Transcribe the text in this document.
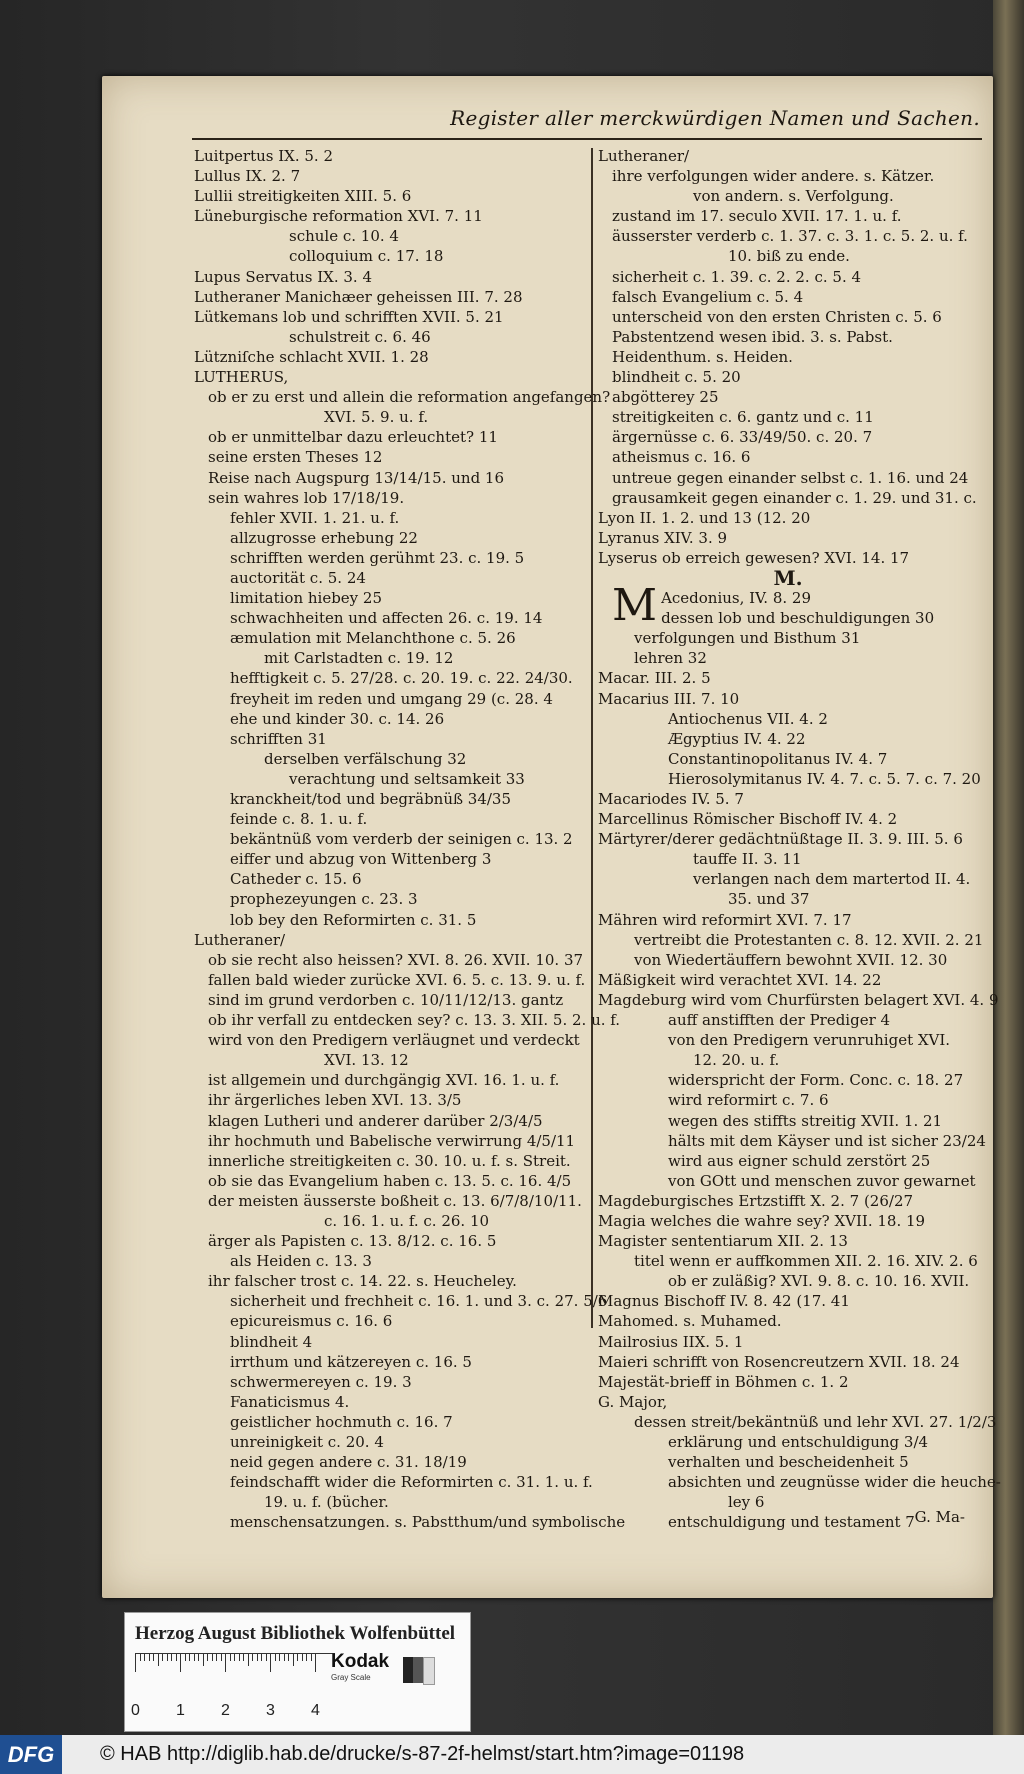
Register aller merckwürdigen Namen und Sachen.
Luitpertus IX. 5. 2
Lullus IX. 2. 7
Lullii streitigkeiten XIII. 5. 6
Lüneburgische reformation XVI. 7. 11
schule c. 10. 4
colloquium c. 17. 18
Lupus Servatus IX. 3. 4
Lutheraner Manichæer geheissen III. 7. 28
Lütkemans lob und schrifften XVII. 5. 21
schulstreit c. 6. 46
Lützniſche schlacht XVII. 1. 28
LUTHERUS,
ob er zu erst und allein die reformation angefangen?
XVI. 5. 9. u. f.
ob er unmittelbar dazu erleuchtet? 11
seine ersten Theses 12
Reise nach Augspurg 13/14/15. und 16
sein wahres lob 17/18/19.
fehler XVII. 1. 21. u. f.
allzugrosse erhebung 22
schrifften werden gerühmt 23. c. 19. 5
auctorität c. 5. 24
limitation hiebey 25
schwachheiten und affecten 26. c. 19. 14
æmulation mit Melanchthone c. 5. 26
mit Carlstadten c. 19. 12
hefftigkeit c. 5. 27/28. c. 20. 19. c. 22. 24/30.
freyheit im reden und umgang 29 (c. 28. 4
ehe und kinder 30. c. 14. 26
schrifften 31
derselben verfälschung 32
verachtung und seltsamkeit 33
kranckheit/tod und begräbnüß 34/35
feinde c. 8. 1. u. f.
bekäntnüß vom verderb der seinigen c. 13. 2
eiffer und abzug von Wittenberg 3
Catheder c. 15. 6
prophezeyungen c. 23. 3
lob bey den Reformirten c. 31. 5
Lutheraner/
ob sie recht also heissen? XVI. 8. 26. XVII. 10. 37
fallen bald wieder zurücke XVI. 6. 5. c. 13. 9. u. f.
sind im grund verdorben c. 10/11/12/13. gantz
ob ihr verfall zu entdecken sey? c. 13. 3. XII. 5. 2. u. f.
wird von den Predigern verläugnet und verdeckt
XVI. 13. 12
ist allgemein und durchgängig XVI. 16. 1. u. f.
ihr ärgerliches leben XVI. 13. 3/5
klagen Lutheri und anderer darüber 2/3/4/5
ihr hochmuth und Babelische verwirrung 4/5/11
innerliche streitigkeiten c. 30. 10. u. f. s. Streit.
ob sie das Evangelium haben c. 13. 5. c. 16. 4/5
der meisten äusserste boßheit c. 13. 6/7/8/10/11.
c. 16. 1. u. f. c. 26. 10
ärger als Papisten c. 13. 8/12. c. 16. 5
als Heiden c. 13. 3
ihr falscher trost c. 14. 22. s. Heucheley.
sicherheit und frechheit c. 16. 1. und 3. c. 27. 5/6
epicureismus c. 16. 6
blindheit 4
irrthum und kätzereyen c. 16. 5
schwermereyen c. 19. 3
Fanaticismus 4.
geistlicher hochmuth c. 16. 7
unreinigkeit c. 20. 4
neid gegen andere c. 31. 18/19
feindschafft wider die Reformirten c. 31. 1. u. f.
19. u. f. (bücher.
menschensatzungen. s. Pabstthum/und symbolische
Lutheraner/
ihre verfolgungen wider andere. s. Kätzer.
von andern. s. Verfolgung.
zustand im 17. seculo XVII. 17. 1. u. f.
äusserster verderb c. 1. 37. c. 3. 1. c. 5. 2. u. f.
10. biß zu ende.
sicherheit c. 1. 39. c. 2. 2. c. 5. 4
falsch Evangelium c. 5. 4
unterscheid von den ersten Christen c. 5. 6
Pabstentzend wesen ibid. 3. s. Pabst.
Heidenthum. s. Heiden.
blindheit c. 5. 20
abgötterey 25
streitigkeiten c. 6. gantz und c. 11
ärgernüsse c. 6. 33/49/50. c. 20. 7
atheismus c. 16. 6
untreue gegen einander selbst c. 1. 16. und 24
grausamkeit gegen einander c. 1. 29. und 31. c.
Lyon II. 1. 2. und 13 (12. 20
Lyranus XIV. 3. 9
Lyserus ob erreich gewesen? XVI. 14. 17
M.
M Acedonius, IV. 8. 29
dessen lob und beschuldigungen 30
verfolgungen und Bisthum 31
lehren 32
Macar. III. 2. 5
Macarius III. 7. 10
Antiochenus VII. 4. 2
Ægyptius IV. 4. 22
Constantinopolitanus IV. 4. 7
Hierosolymitanus IV. 4. 7. c. 5. 7. c. 7. 20
Macariodes IV. 5. 7
Marcellinus Römischer Bischoff IV. 4. 2
Märtyrer/derer gedächtnüßtage II. 3. 9. III. 5. 6
tauffe II. 3. 11
verlangen nach dem martertod II. 4.
35. und 37
Mähren wird reformirt XVI. 7. 17
vertreibt die Protestanten c. 8. 12. XVII. 2. 21
von Wiedertäuffern bewohnt XVII. 12. 30
Mäßigkeit wird verachtet XVI. 14. 22
Magdeburg wird vom Churfürsten belagert XVI. 4. 9
auff anstifften der Prediger 4
von den Predigern verunruhiget XVI.
12. 20. u. f.
widerspricht der Form. Conc. c. 18. 27
wird reformirt c. 7. 6
wegen des stiffts streitig XVII. 1. 21
hälts mit dem Käyser und ist sicher 23/24
wird aus eigner schuld zerstört 25
von GOtt und menschen zuvor gewarnet
Magdeburgisches Ertzstifft X. 2. 7 (26/27
Magia welches die wahre sey? XVII. 18. 19
Magister sententiarum XII. 2. 13
titel wenn er auffkommen XII. 2. 16. XIV. 2. 6
ob er zuläßig? XVI. 9. 8. c. 10. 16. XVII.
Magnus Bischoff IV. 8. 42 (17. 41
Mahomed. s. Muhamed.
Mailrosius IIX. 5. 1
Maieri schrifft von Rosencreutzern XVII. 18. 24
Majestät-brieff in Böhmen c. 1. 2
G. Major,
dessen streit/bekäntnüß und lehr XVI. 27. 1/2/3
erklärung und entschuldigung 3/4
verhalten und bescheidenheit 5
absichten und zeugnüsse wider die heuche-
ley 6
entschuldigung und testament 7 G. Ma-
Herzog August Bibliothek Wolfenbüttel
0 1 2 3 4
Kodak
Gray Scale
DFG	© HAB http://diglib.hab.de/drucke/s-87-2f-helmst/start.htm?image=01198
